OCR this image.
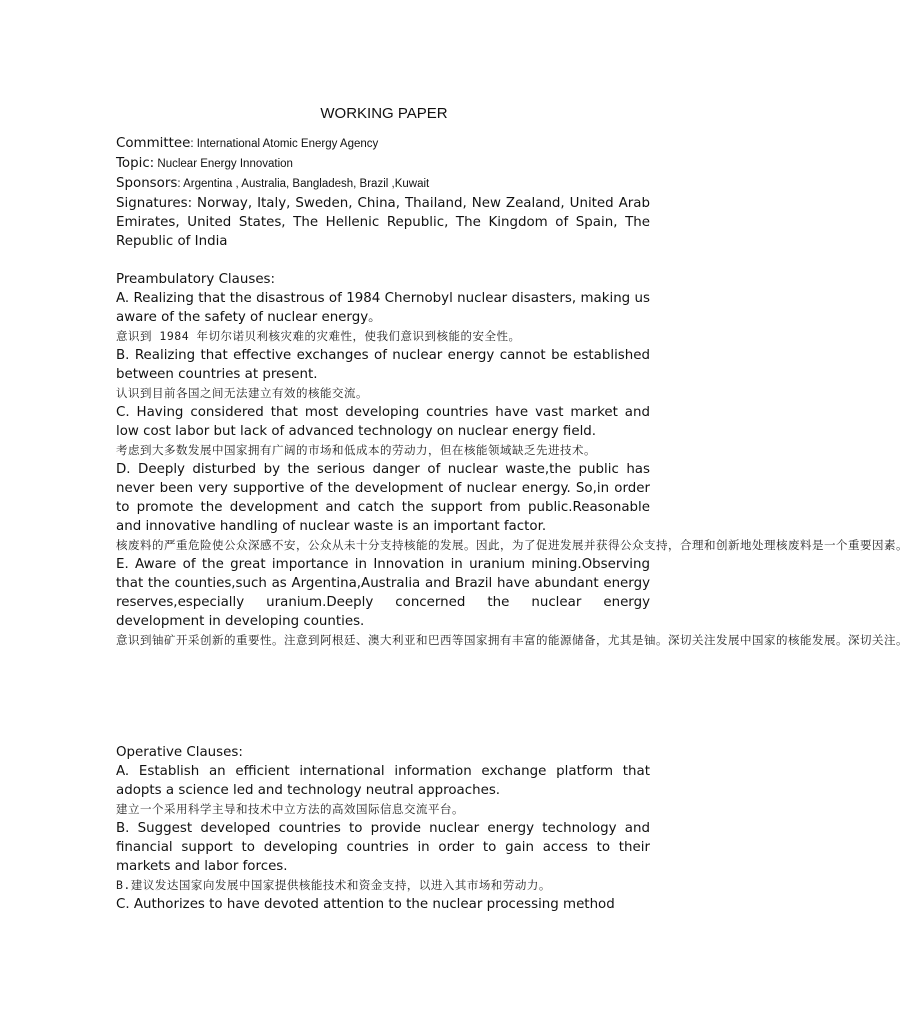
WORKING PAPER
Committee: International Atomic Energy Agency
Topic: Nuclear Energy Innovation
Sponsors: Argentina , Australia, Bangladesh, Brazil ,Kuwait
Signatures: Norway, Italy, Sweden, China, Thailand, New Zealand, United Arab Emirates, United States, The Hellenic Republic, The Kingdom of Spain, The Republic of India
Preambulatory Clauses:
A. Realizing that the disastrous of 1984 Chernobyl nuclear disasters, making us aware of the safety of nuclear energy。
意识到 1984 年切尔诺贝利核灾难的灾难性，使我们意识到核能的安全性。
B. Realizing that effective exchanges of nuclear energy cannot be established between countries at present.
认识到目前各国之间无法建立有效的核能交流。
C. Having considered that most developing countries have vast market and low cost labor but lack of advanced technology on nuclear energy field.
考虑到大多数发展中国家拥有广阔的市场和低成本的劳动力，但在核能领域缺乏先进技术。
D. Deeply disturbed by the serious danger of nuclear waste,the public has never been very supportive of the development of nuclear energy. So,in order to promote the development and catch the support from public.Reasonable and innovative handling of nuclear waste is an important factor.
核废料的严重危险使公众深感不安，公众从未十分支持核能的发展。因此，为了促进发展并获得公众支持，合理和创新地处理核废料是一个重要因素。
E. Aware of the great importance in Innovation in uranium mining.Observing that the counties,such as Argentina,Australia and Brazil have abundant energy reserves,especially uranium.Deeply concerned the nuclear energy development in developing counties.
意识到铀矿开采创新的重要性。注意到阿根廷、澳大利亚和巴西等国家拥有丰富的能源储备，尤其是铀。深切关注发展中国家的核能发展。深切关注。
Operative Clauses:
A. Establish an efficient international information exchange platform that adopts a science led and technology neutral approaches.
建立一个采用科学主导和技术中立方法的高效国际信息交流平台。
B. Suggest developed countries to provide nuclear energy technology and financial support to developing countries in order to gain access to their markets and labor forces.
B.建议发达国家向发展中国家提供核能技术和资金支持，以进入其市场和劳动力。
C. Authorizes to have devoted attention to the nuclear processing method
